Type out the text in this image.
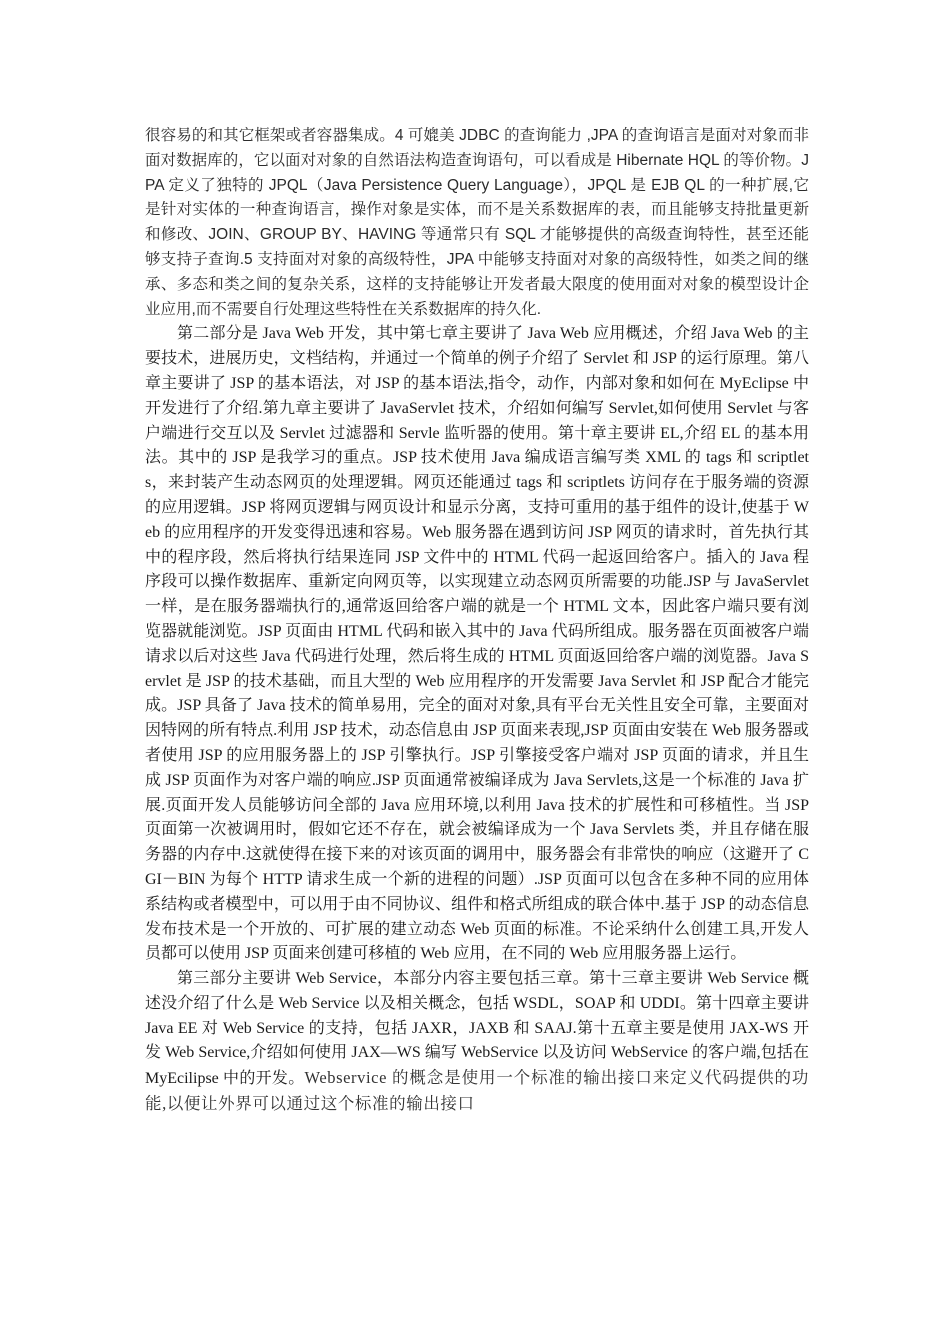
很容易的和其它框架或者容器集成。4 可媲美 JDBC 的查询能力 ,JPA 的查询语言是面对对象而非面对数据库的，它以面对对象的自然语法构造查询语句，可以看成是 Hibernate HQL 的等价物。JPA 定义了独特的 JPQL（Java Persistence Query Language），JPQL 是 EJB QL 的一种扩展,它是针对实体的一种查询语言，操作对象是实体，而不是关系数据库的表，而且能够支持批量更新和修改、JOIN、GROUP BY、HAVING 等通常只有 SQL 才能够提供的高级查询特性，甚至还能够支持子查询.5 支持面对对象的高级特性，JPA 中能够支持面对对象的高级特性，如类之间的继承、多态和类之间的复杂关系，这样的支持能够让开发者最大限度的使用面对对象的模型设计企业应用,而不需要自行处理这些特性在关系数据库的持久化.

第二部分是 Java Web 开发，其中第七章主要讲了 Java Web 应用概述，介绍 Java Web 的主要技术，进展历史，文档结构，并通过一个简单的例子介绍了 Servlet 和 JSP 的运行原理。第八章主要讲了 JSP 的基本语法，对 JSP 的基本语法,指令，动作，内部对象和如何在 MyEclipse 中开发进行了介绍.第九章主要讲了 JavaServlet 技术，介绍如何编写 Servlet,如何使用 Servlet 与客户端进行交互以及 Servlet 过滤器和 Servle 监听器的使用。第十章主要讲 EL,介绍 EL 的基本用法。其中的 JSP 是我学习的重点。JSP 技术使用 Java 编成语言编写类 XML 的 tags 和 scriptlets，来封装产生动态网页的处理逻辑。网页还能通过 tags 和 scriptlets 访问存在于服务端的资源的应用逻辑。JSP 将网页逻辑与网页设计和显示分离，支持可重用的基于组件的设计,使基于 Web 的应用程序的开发变得迅速和容易。Web 服务器在遇到访问 JSP 网页的请求时，首先执行其中的程序段，然后将执行结果连同 JSP 文件中的 HTML 代码一起返回给客户。插入的 Java 程序段可以操作数据库、重新定向网页等，以实现建立动态网页所需要的功能.JSP 与 JavaServlet 一样，是在服务器端执行的,通常返回给客户端的就是一个 HTML 文本，因此客户端只要有浏览器就能浏览。JSP 页面由 HTML 代码和嵌入其中的 Java 代码所组成。服务器在页面被客户端请求以后对这些 Java 代码进行处理，然后将生成的 HTML 页面返回给客户端的浏览器。Java Servlet 是 JSP 的技术基础，而且大型的 Web 应用程序的开发需要 Java Servlet 和 JSP 配合才能完成。JSP 具备了 Java 技术的简单易用，完全的面对对象,具有平台无关性且安全可靠，主要面对因特网的所有特点.利用 JSP 技术，动态信息由 JSP 页面来表现,JSP 页面由安装在 Web 服务器或者使用 JSP 的应用服务器上的 JSP 引擎执行。JSP 引擎接受客户端对 JSP 页面的请求，并且生成 JSP 页面作为对客户端的响应.JSP 页面通常被编译成为 Java Servlets,这是一个标准的 Java 扩展.页面开发人员能够访问全部的 Java 应用环境,以利用 Java 技术的扩展性和可移植性。当 JSP 页面第一次被调用时，假如它还不存在，就会被编译成为一个 Java Servlets 类，并且存储在服务器的内存中.这就使得在接下来的对该页面的调用中，服务器会有非常快的响应（这避开了 CGI－BIN 为每个 HTTP 请求生成一个新的进程的问题）.JSP 页面可以包含在多种不同的应用体系结构或者模型中，可以用于由不同协议、组件和格式所组成的联合体中.基于 JSP 的动态信息发布技术是一个开放的、可扩展的建立动态 Web 页面的标准。不论采纳什么创建工具,开发人员都可以使用 JSP 页面来创建可移植的 Web 应用，在不同的 Web 应用服务器上运行。

第三部分主要讲 Web Service，本部分内容主要包括三章。第十三章主要讲 Web Service 概述没介绍了什么是 Web Service 以及相关概念，包括 WSDL，SOAP 和 UDDI。第十四章主要讲 Java EE 对 Web Service 的支持，包括 JAXR，JAXB 和 SAAJ.第十五章主要是使用 JAX-WS 开发 Web Service,介绍如何使用 JAX—WS 编写 WebService 以及访问 WebService 的客户端,包括在 MyEcilipse 中的开发。Webservice 的概念是使用一个标准的输出接口来定义代码提供的功能,以便让外界可以通过这个标准的输出接口
